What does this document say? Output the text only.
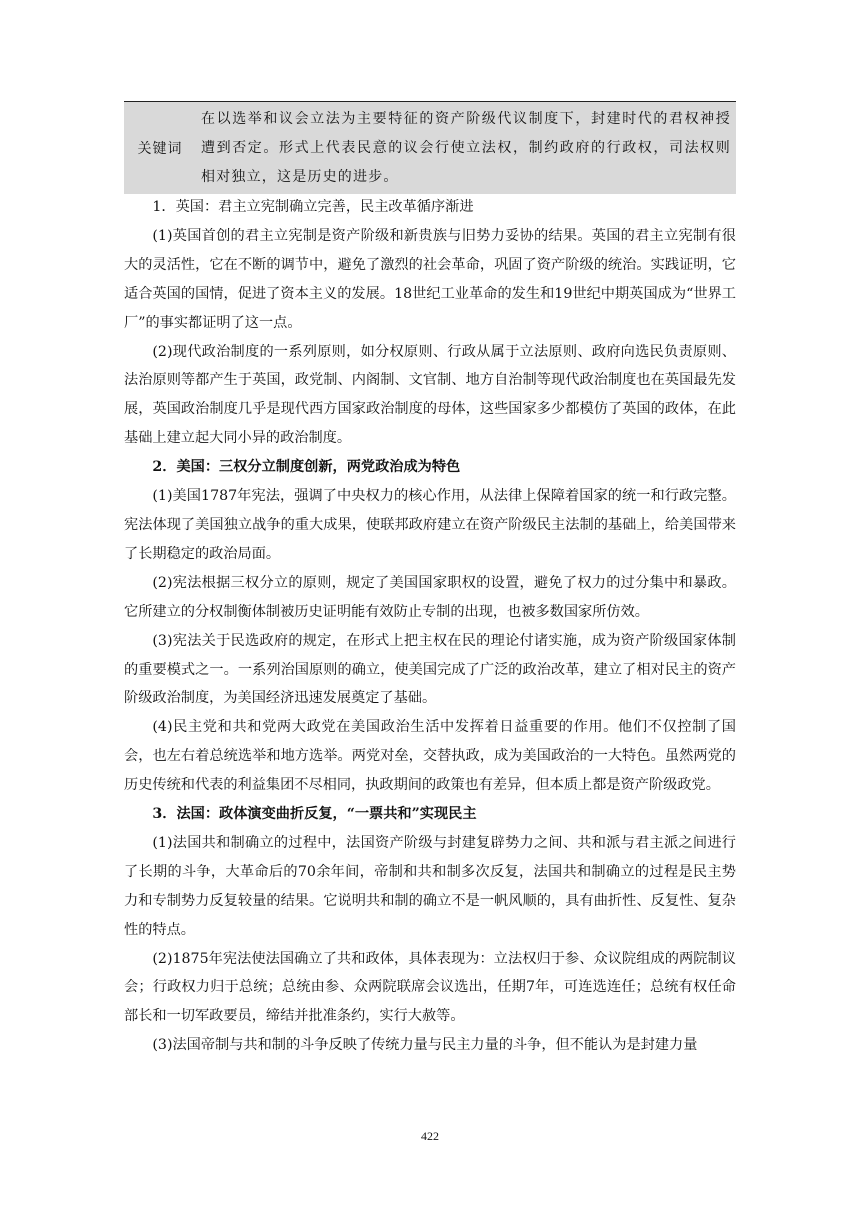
关键词
在以选举和议会立法为主要特征的资产阶级代议制度下，封建时代的君权神授遭到否定。形式上代表民意的议会行使立法权，制约政府的行政权，司法权则相对独立，这是历史的进步。

1．英国：君主立宪制确立完善，民主改革循序渐进

(1)英国首创的君主立宪制是资产阶级和新贵族与旧势力妥协的结果。英国的君主立宪制有很大的灵活性，它在不断的调节中，避免了激烈的社会革命，巩固了资产阶级的统治。实践证明，它适合英国的国情，促进了资本主义的发展。18世纪工业革命的发生和19世纪中期英国成为“世界工厂”的事实都证明了这一点。

(2)现代政治制度的一系列原则，如分权原则、行政从属于立法原则、政府向选民负责原则、法治原则等都产生于英国，政党制、内阁制、文官制、地方自治制等现代政治制度也在英国最先发展，英国政治制度几乎是现代西方国家政治制度的母体，这些国家多少都模仿了英国的政体，在此基础上建立起大同小异的政治制度。

2．美国：三权分立制度创新，两党政治成为特色

(1)美国1787年宪法，强调了中央权力的核心作用，从法律上保障着国家的统一和行政完整。宪法体现了美国独立战争的重大成果，使联邦政府建立在资产阶级民主法制的基础上，给美国带来了长期稳定的政治局面。

(2)宪法根据三权分立的原则，规定了美国国家职权的设置，避免了权力的过分集中和暴政。它所建立的分权制衡体制被历史证明能有效防止专制的出现，也被多数国家所仿效。

(3)宪法关于民选政府的规定，在形式上把主权在民的理论付诸实施，成为资产阶级国家体制的重要模式之一。一系列治国原则的确立，使美国完成了广泛的政治改革，建立了相对民主的资产阶级政治制度，为美国经济迅速发展奠定了基础。

(4)民主党和共和党两大政党在美国政治生活中发挥着日益重要的作用。他们不仅控制了国会，也左右着总统选举和地方选举。两党对垒，交替执政，成为美国政治的一大特色。虽然两党的历史传统和代表的利益集团不尽相同，执政期间的政策也有差异，但本质上都是资产阶级政党。

3．法国：政体演变曲折反复，“一票共和”实现民主

(1)法国共和制确立的过程中，法国资产阶级与封建复辟势力之间、共和派与君主派之间进行了长期的斗争，大革命后的70余年间，帝制和共和制多次反复，法国共和制确立的过程是民主势力和专制势力反复较量的结果。它说明共和制的确立不是一帆风顺的，具有曲折性、反复性、复杂性的特点。

(2)1875年宪法使法国确立了共和政体，具体表现为：立法权归于参、众议院组成的两院制议会；行政权力归于总统；总统由参、众两院联席会议选出，任期7年，可连选连任；总统有权任命部长和一切军政要员，缔结并批准条约，实行大赦等。

(3)法国帝制与共和制的斗争反映了传统力量与民主力量的斗争，但不能认为是封建力量

422
